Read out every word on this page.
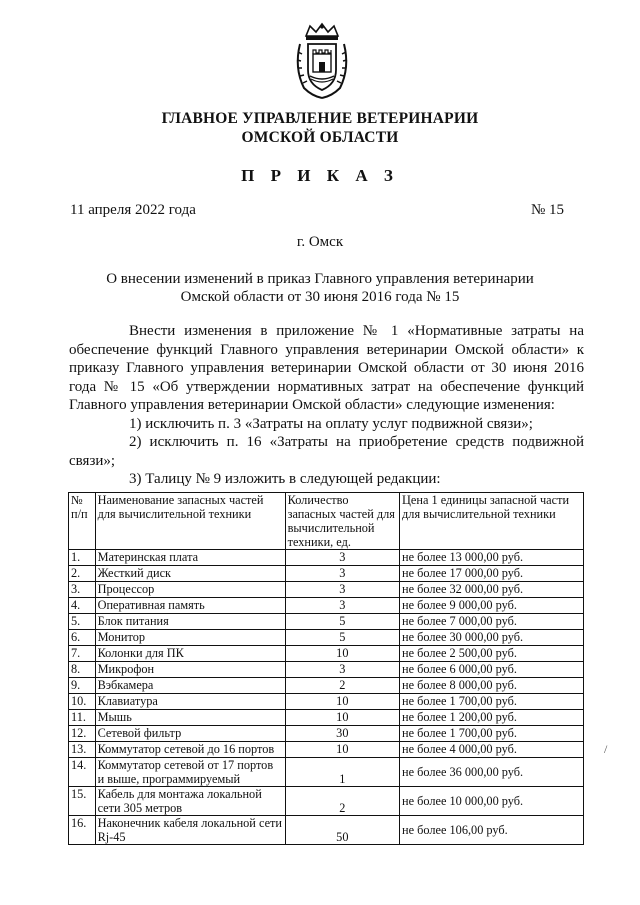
ГЛАВНОЕ УПРАВЛЕНИЕ ВЕТЕРИНАРИИ
ОМСКОЙ ОБЛАСТИ
П Р И К А З
11 апреля 2022 года	№ 15
г. Омск
О внесении изменений в приказ Главного управления ветеринарии
Омской области от 30 июня 2016 года № 15

Внести изменения в приложение № 1 «Нормативные затраты на обеспечение функций Главного управления ветеринарии Омской области» к приказу Главного управления ветеринарии Омской области от 30 июня 2016 года № 15 «Об утверждении нормативных затрат на обеспечение функций Главного управления ветеринарии Омской области» следующие изменения:

1) исключить п. 3 «Затраты на оплату услуг подвижной связи»;

2) исключить п. 16 «Затраты на приобретение средств подвижной связи»;

3) Талицу № 9 изложить в следующей редакции:

№ п/п	Наименование запасных частей для вычислительной техники	Количество запасных частей для вычислительной техники, ед.	Цена 1 единицы запасной части для вычислительной техники
1.	Материнская плата	3	не более 13 000,00 руб.
2.	Жесткий диск	3	не более 17 000,00 руб.
3.	Процессор	3	не более 32 000,00 руб.
4.	Оперативная память	3	не более 9 000,00 руб.
5.	Блок питания	5	не более 7 000,00 руб.
6.	Монитор	5	не более 30 000,00 руб.
7.	Колонки для ПК	10	не более 2 500,00 руб.
8.	Микрофон	3	не более 6 000,00 руб.
9.	Вэбкамера	2	не более 8 000,00 руб.
10.	Клавиатура	10	не более 1 700,00 руб.
11.	Мышь	10	не более 1 200,00 руб.
12.	Сетевой фильтр	30	не более 1 700,00 руб.
13.	Коммутатор сетевой до 16 портов	10	не более 4 000,00 руб.
14.	Коммутатор сетевой от 17 портов и выше, программируемый	1	не более 36 000,00 руб.
15.	Кабель для монтажа локальной сети 305 метров	2	не более 10 000,00 руб.
16.	Наконечник кабеля локальной сети Rj-45	50	не более 106,00 руб.
/
